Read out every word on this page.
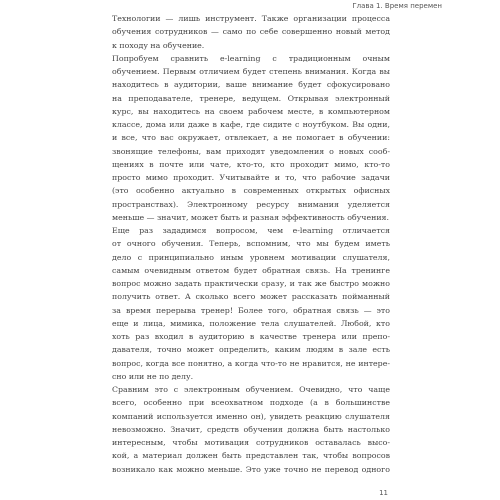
Глава 1. Время перемен
Технологии — лишь инструмент. Также организации процесса
обучения сотрудников — само по себе совершенно новый метод
к походу на обучение.
Попробуем сравнить e-learning с традиционным очным
обучением. Первым отличием будет степень внимания. Когда вы
находитесь в аудитории, ваше внимание будет сфокусировано
на преподавателе, тренере, ведущем. Открывая электронный
курс, вы находитесь на своем рабочем месте, в компьютерном
классе, дома или даже в кафе, где сидите с ноутбуком. Вы одни,
и все, что вас окружает, отвлекает, а не помогает в обучении:
звонящие телефоны, вам приходят уведомления о новых сооб-
щениях в почте или чате, кто-то, кто проходит мимо, кто-то
просто мимо проходит. Учитывайте и то, что рабочие задачи
(это особенно актуально в современных открытых офисных
пространствах). Электронному ресурсу внимания уделяется
меньше — значит, может быть и разная эффективность обучения.
Еще раз зададимся вопросом, чем e-learning отличается
от очного обучения. Теперь, вспомним, что мы будем иметь
дело с принципиально иным уровнем мотивации слушателя,
самым очевидным ответом будет обратная связь. На тренинге
вопрос можно задать практически сразу, и так же быстро можно
получить ответ. А сколько всего может рассказать пойманный
за время перерыва тренер! Более того, обратная связь — это
еще и лица, мимика, положение тела слушателей. Любой, кто
хоть раз входил в аудиторию в качестве тренера или препо-
давателя, точно может определить, каким людям в зале есть
вопрос, когда все понятно, а когда что-то не нравится, не интере-
сно или не по делу.
Сравним это с электронным обучением. Очевидно, что чаще
всего, особенно при всеохватном подходе (а в большинстве
компаний используется именно он), увидеть реакцию слушателя
невозможно. Значит, средств обучения должна быть настолько
интересным, чтобы мотивация сотрудников оставалась высо-
кой, а материал должен быть представлен так, чтобы вопросов
возникало как можно меньше. Это уже точно не перевод одного
11
